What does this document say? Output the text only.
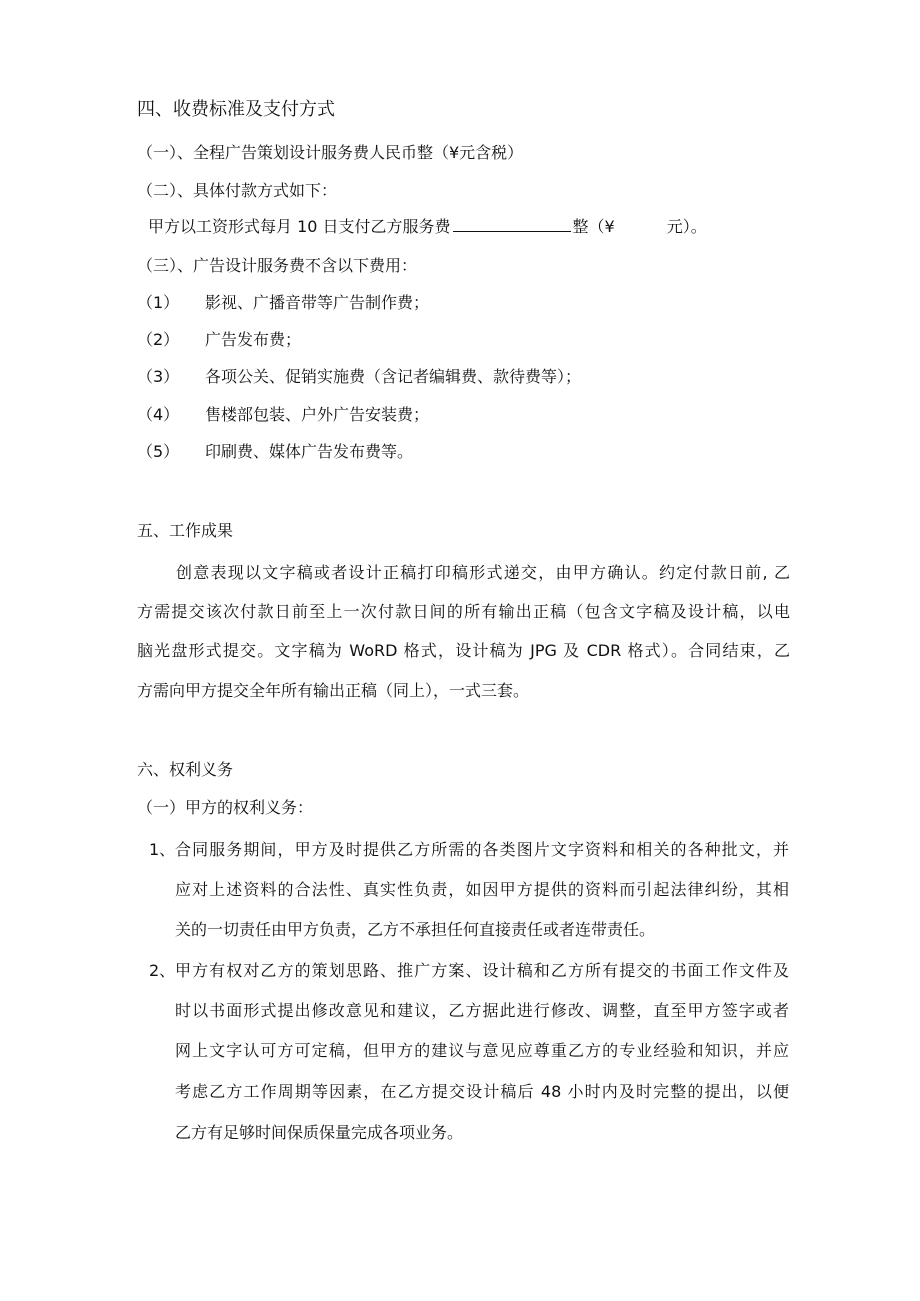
四、收费标准及支付方式
（一）、全程广告策划设计服务费人民币整（¥元含税）
（二）、具体付款方式如下：
甲方以工资形式每月 10 日支付乙方服务费	整（¥	元）。
（三）、广告设计服务费不含以下费用：
（1） 影视、广播音带等广告制作费；
（2） 广告发布费；
（3） 各项公关、促销实施费（含记者编辑费、款待费等）；
（4） 售楼部包装、户外广告安装费；
（5） 印刷费、媒体广告发布费等。
五、工作成果
创意表现以文字稿或者设计正稿打印稿形式递交，由甲方确认。约定付款日前, 乙
方需提交该次付款日前至上一次付款日间的所有输出正稿（包含文字稿及设计稿，以电
脑光盘形式提交。文字稿为 WoRD 格式，设计稿为 JPG 及 CDR 格式）。合同结束，乙
方需向甲方提交全年所有输出正稿（同上），一式三套。
六、权利义务
（一）甲方的权利义务：
1、 合同服务期间，甲方及时提供乙方所需的各类图片文字资料和相关的各种批文，并
应对上述资料的合法性、真实性负责，如因甲方提供的资料而引起法律纠纷，其相
关的一切责任由甲方负责，乙方不承担任何直接责任或者连带责任。
2、 甲方有权对乙方的策划思路、推广方案、设计稿和乙方所有提交的书面工作文件及
时以书面形式提出修改意见和建议，乙方据此进行修改、调整，直至甲方签字或者
网上文字认可方可定稿，但甲方的建议与意见应尊重乙方的专业经验和知识，并应
考虑乙方工作周期等因素，在乙方提交设计稿后 48 小时内及时完整的提出，以便
乙方有足够时间保质保量完成各项业务。
